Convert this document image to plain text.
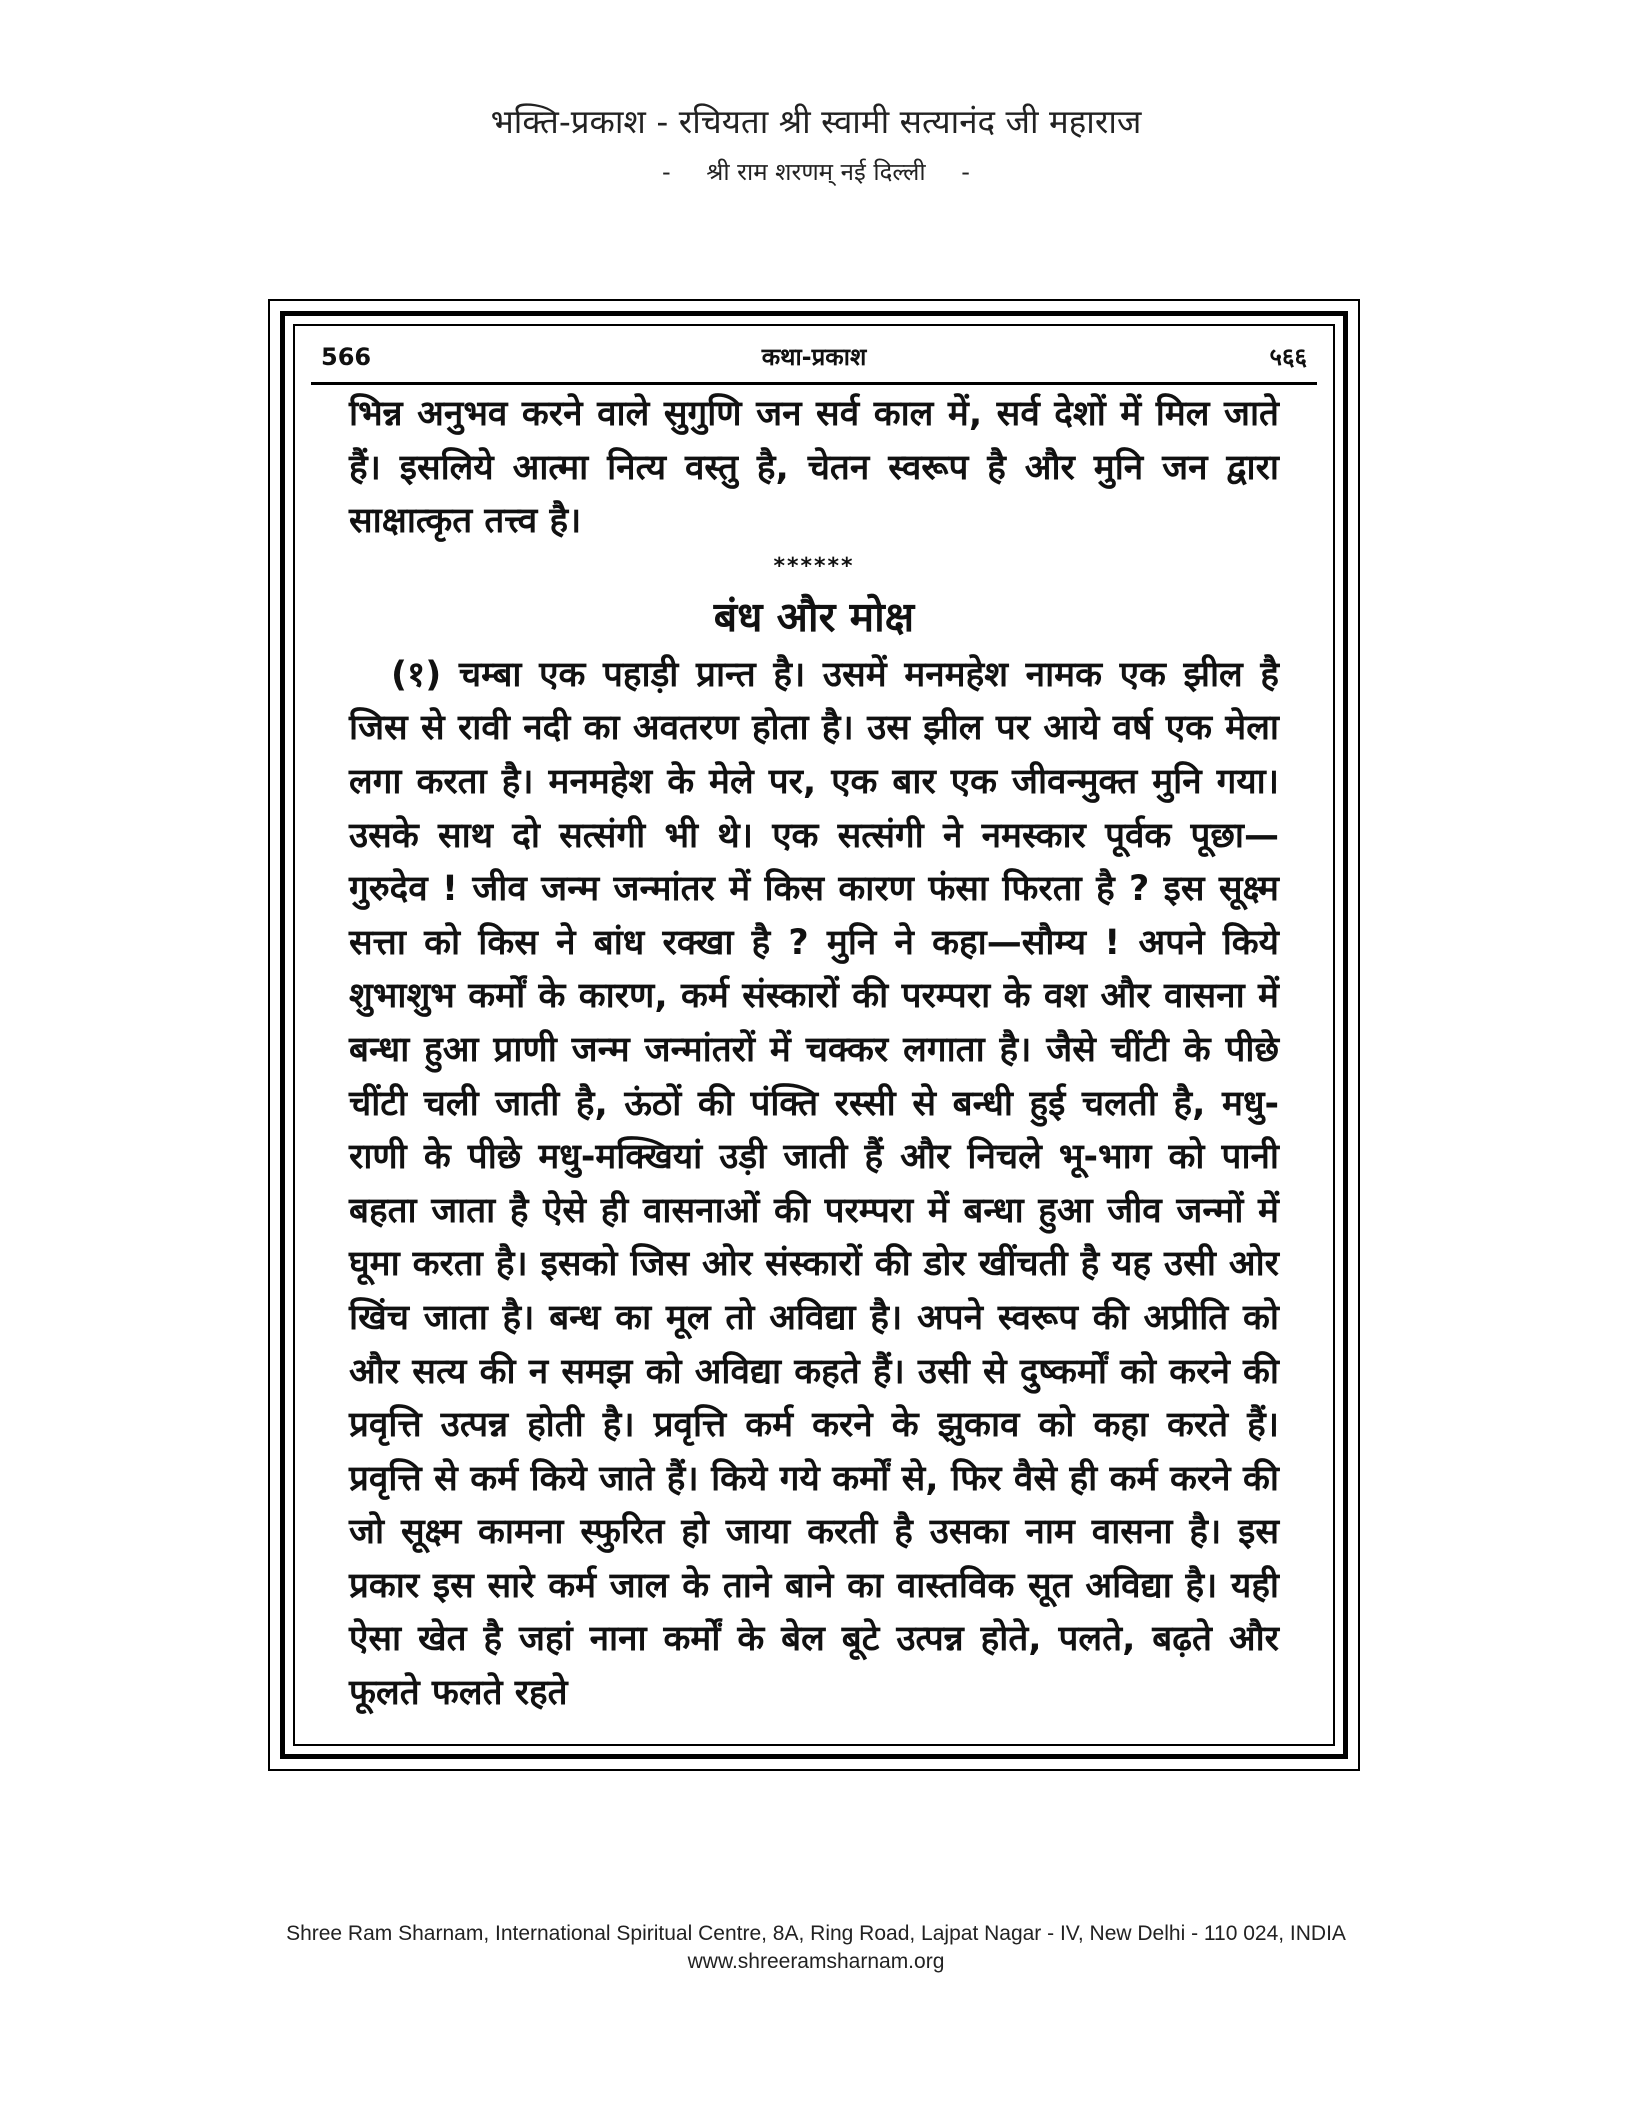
भक्ति-प्रकाश - रचियता श्री स्वामी सत्यानंद जी महाराज
- श्री राम शरणम् नई दिल्ली -
566	कथा-प्रकाश	५६६

भिन्न अनुभव करने वाले सुगुणि जन सर्व काल में, सर्व देशों में मिल जाते हैं। इसलिये आत्मा नित्य वस्तु है, चेतन स्वरूप है और मुनि जन द्वारा साक्षात्कृत तत्त्व है।

******
बंध और मोक्ष

(१) चम्बा एक पहाड़ी प्रान्त है। उसमें मनमहेश नामक एक झील है जिस से रावी नदी का अवतरण होता है। उस झील पर आये वर्ष एक मेला लगा करता है। मनमहेश के मेले पर, एक बार एक जीवन्मुक्त मुनि गया। उसके साथ दो सत्संगी भी थे। एक सत्संगी ने नमस्कार पूर्वक पूछा—गुरुदेव ! जीव जन्म जन्मांतर में किस कारण फंसा फिरता है ? इस सूक्ष्म सत्ता को किस ने बांध रक्खा है ? मुनि ने कहा—सौम्य ! अपने किये शुभाशुभ कर्मों के कारण, कर्म संस्कारों की परम्परा के वश और वासना में बन्धा हुआ प्राणी जन्म जन्मांतरों में चक्कर लगाता है। जैसे चींटी के पीछे चींटी चली जाती है, ऊंठों की पंक्ति रस्सी से बन्धी हुई चलती है, मधु-राणी के पीछे मधु-मक्खियां उड़ी जाती हैं और निचले भू-भाग को पानी बहता जाता है ऐसे ही वासनाओं की परम्परा में बन्धा हुआ जीव जन्मों में घूमा करता है। इसको जिस ओर संस्कारों की डोर खींचती है यह उसी ओर खिंच जाता है। बन्ध का मूल तो अविद्या है। अपने स्वरूप की अप्रीति को और सत्य की न समझ को अविद्या कहते हैं। उसी से दुष्कर्मों को करने की प्रवृत्ति उत्पन्न होती है। प्रवृत्ति कर्म करने के झुकाव को कहा करते हैं। प्रवृत्ति से कर्म किये जाते हैं। किये गये कर्मों से, फिर वैसे ही कर्म करने की जो सूक्ष्म कामना स्फुरित हो जाया करती है उसका नाम वासना है। इस प्रकार इस सारे कर्म जाल के ताने बाने का वास्तविक सूत अविद्या है। यही ऐसा खेत है जहां नाना कर्मों के बेल बूटे उत्पन्न होते, पलते, बढ़ते और फूलते फलते रहते

Shree Ram Sharnam, International Spiritual Centre, 8A, Ring Road, Lajpat Nagar - IV, New Delhi - 110 024, INDIA
www.shreeramsharnam.org
